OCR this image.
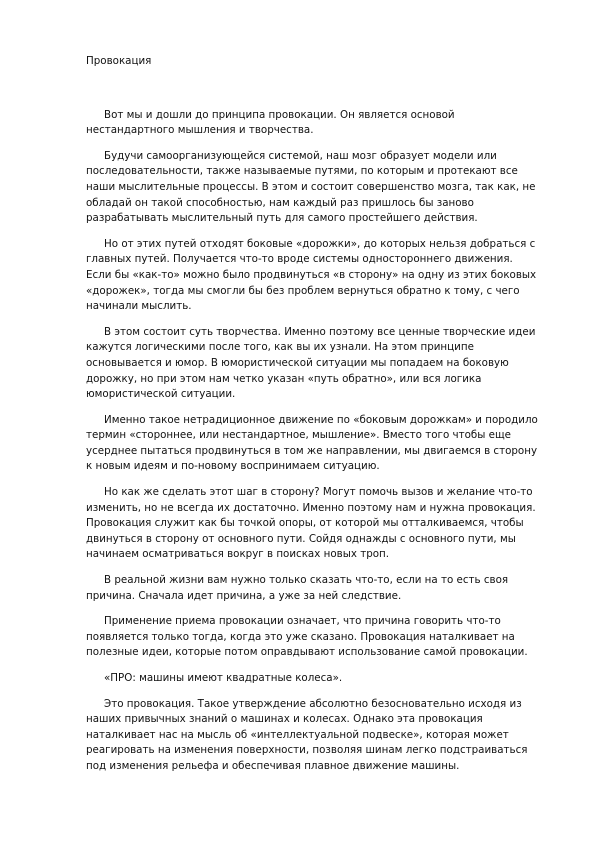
Провокация

Вот мы и дошли до принципа провокации. Он является основой нестандартного мышления и творчества.

Будучи самоорганизующейся системой, наш мозг образует модели или последовательности, также называемые путями, по которым и протекают все наши мыслительные процессы. В этом и состоит совершенство мозга, так как, не обладай он такой способностью, нам каждый раз пришлось бы заново разрабатывать мыслительный путь для самого простейшего действия.

Но от этих путей отходят боковые «дорожки», до которых нельзя добраться с главных путей. Получается что-то вроде системы одностороннего движения. Если бы «как-то» можно было продвинуться «в сторону» на одну из этих боковых «дорожек», тогда мы смогли бы без проблем вернуться обратно к тому, с чего начинали мыслить.

В этом состоит суть творчества. Именно поэтому все ценные творческие идеи кажутся логическими после того, как вы их узнали. На этом принципе основывается и юмор. В юмористической ситуации мы попадаем на боковую дорожку, но при этом нам четко указан «путь обратно», или вся логика юмористической ситуации.

Именно такое нетрадиционное движение по «боковым дорожкам» и породило термин «стороннее, или нестандартное, мышление». Вместо того чтобы еще усерднее пытаться продвинуться в том же направлении, мы двигаемся в сторону к новым идеям и по-новому воспринимаем ситуацию.

Но как же сделать этот шаг в сторону? Могут помочь вызов и желание что-то изменить, но не всегда их достаточно. Именно поэтому нам и нужна провокация. Провокация служит как бы точкой опоры, от которой мы отталкиваемся, чтобы двинуться в сторону от основного пути. Сойдя однажды с основного пути, мы начинаем осматриваться вокруг в поисках новых троп.

В реальной жизни вам нужно только сказать что-то, если на то есть своя причина. Сначала идет причина, а уже за ней следствие.

Применение приема провокации означает, что причина говорить что-то появляется только тогда, когда это уже сказано. Провокация наталкивает на полезные идеи, которые потом оправдывают использование самой провокации.

«ПРО: машины имеют квадратные колеса».

Это провокация. Такое утверждение абсолютно безосновательно исходя из наших привычных знаний о машинах и колесах. Однако эта провокация наталкивает нас на мысль об «интеллектуальной подвеске», которая может реагировать на изменения поверхности, позволяя шинам легко подстраиваться под изменения рельефа и обеспечивая плавное движение машины.
